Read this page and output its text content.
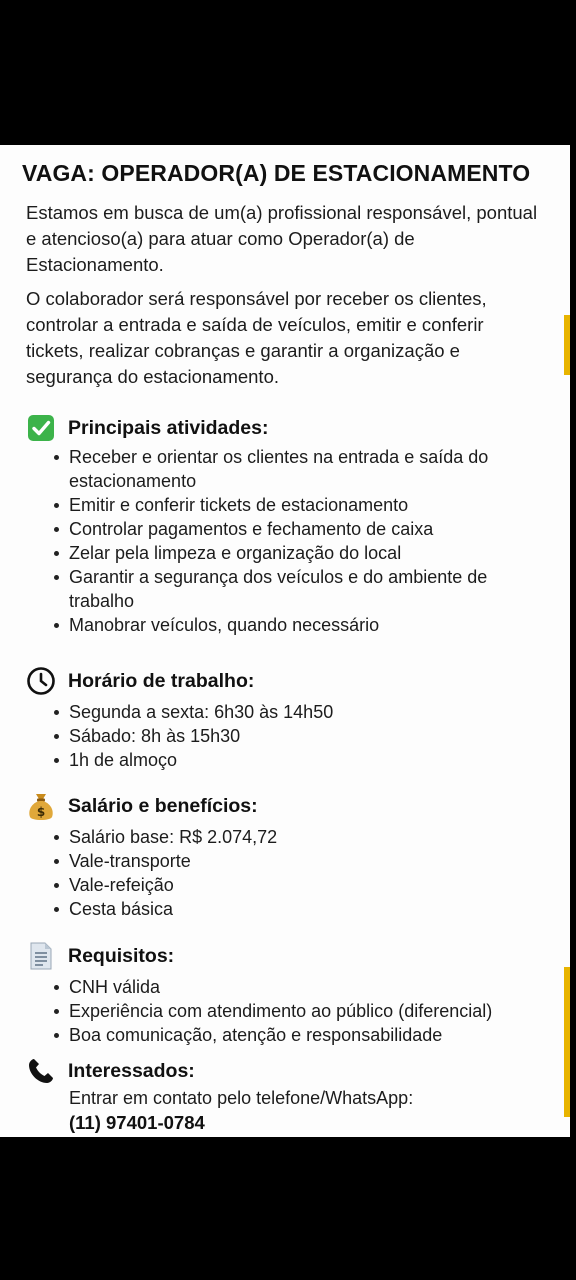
VAGA: OPERADOR(A) DE ESTACIONAMENTO
Estamos em busca de um(a) profissional responsável, pontual e atencioso(a) para atuar como Operador(a) de Estacionamento.
O colaborador será responsável por receber os clientes, controlar a entrada e saída de veículos, emitir e conferir tickets, realizar cobranças e garantir a organização e segurança do estacionamento.
Principais atividades:
Receber e orientar os clientes na entrada e saída do estacionamento
Emitir e conferir tickets de estacionamento
Controlar pagamentos e fechamento de caixa
Zelar pela limpeza e organização do local
Garantir a segurança dos veículos e do ambiente de trabalho
Manobrar veículos, quando necessário
Horário de trabalho:
Segunda a sexta: 6h30 às 14h50
Sábado: 8h às 15h30
1h de almoço
$ Salário e benefícios:
Salário base: R$ 2.074,72
Vale-transporte
Vale-refeição
Cesta básica
Requisitos:
CNH válida
Experiência com atendimento ao público (diferencial)
Boa comunicação, atenção e responsabilidade
Interessados:
Entrar em contato pelo telefone/WhatsApp:
(11) 97401-0784
